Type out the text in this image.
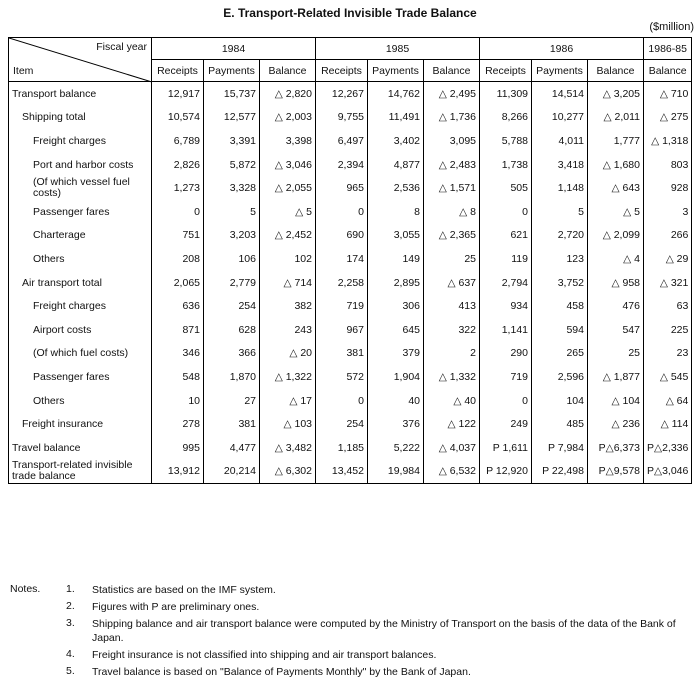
E. Transport-Related Invisible Trade Balance
($million)
Fiscal year
Item	1984			1985			1986			1986-85
	Receipts	Payments	Balance	Receipts	Payments	Balance	Receipts	Payments	Balance	Balance
Transport balance	12,917	15,737	△ 2,820	12,267	14,762	△ 2,495	11,309	14,514	△ 3,205	△ 710
Shipping total	10,574	12,577	△ 2,003	9,755	11,491	△ 1,736	8,266	10,277	△ 2,011	△ 275
Freight charges	6,789	3,391	3,398	6,497	3,402	3,095	5,788	4,011	1,777	△ 1,318
Port and harbor costs	2,826	5,872	△ 3,046	2,394	4,877	△ 2,483	1,738	3,418	△ 1,680	803
(Of which vessel fuel costs)	1,273	3,328	△ 2,055	965	2,536	△ 1,571	505	1,148	△ 643	928
Passenger fares	0	5	△ 5	0	8	△ 8	0	5	△ 5	3
Charterage	751	3,203	△ 2,452	690	3,055	△ 2,365	621	2,720	△ 2,099	266
Others	208	106	102	174	149	25	119	123	△ 4	△ 29
Air transport total	2,065	2,779	△ 714	2,258	2,895	△ 637	2,794	3,752	△ 958	△ 321
Freight charges	636	254	382	719	306	413	934	458	476	63
Airport costs	871	628	243	967	645	322	1,141	594	547	225
(Of which fuel costs)	346	366	△ 20	381	379	2	290	265	25	23
Passenger fares	548	1,870	△ 1,322	572	1,904	△ 1,332	719	2,596	△ 1,877	△ 545
Others	10	27	△ 17	0	40	△ 40	0	104	△ 104	△ 64
Freight insurance	278	381	△ 103	254	376	△ 122	249	485	△ 236	△ 114
Travel balance	995	4,477	△ 3,482	1,185	5,222	△ 4,037	P 1,611	P 7,984	P△6,373	P△2,336
Transport-related invisible trade balance	13,912	20,214	△ 6,302	13,452	19,984	△ 6,532	P 12,920	P 22,498	P△9,578	P△3,046
Notes.	1.	Statistics are based on the IMF system.
2.	Figures with P are preliminary ones.
3.	Shipping balance and air transport balance were computed by the Ministry of Transport on the basis of the data of the Bank of Japan.
4.	Freight insurance is not classified into shipping and air transport balances.
5.	Travel balance is based on "Balance of Payments Monthly" by the Bank of Japan.
